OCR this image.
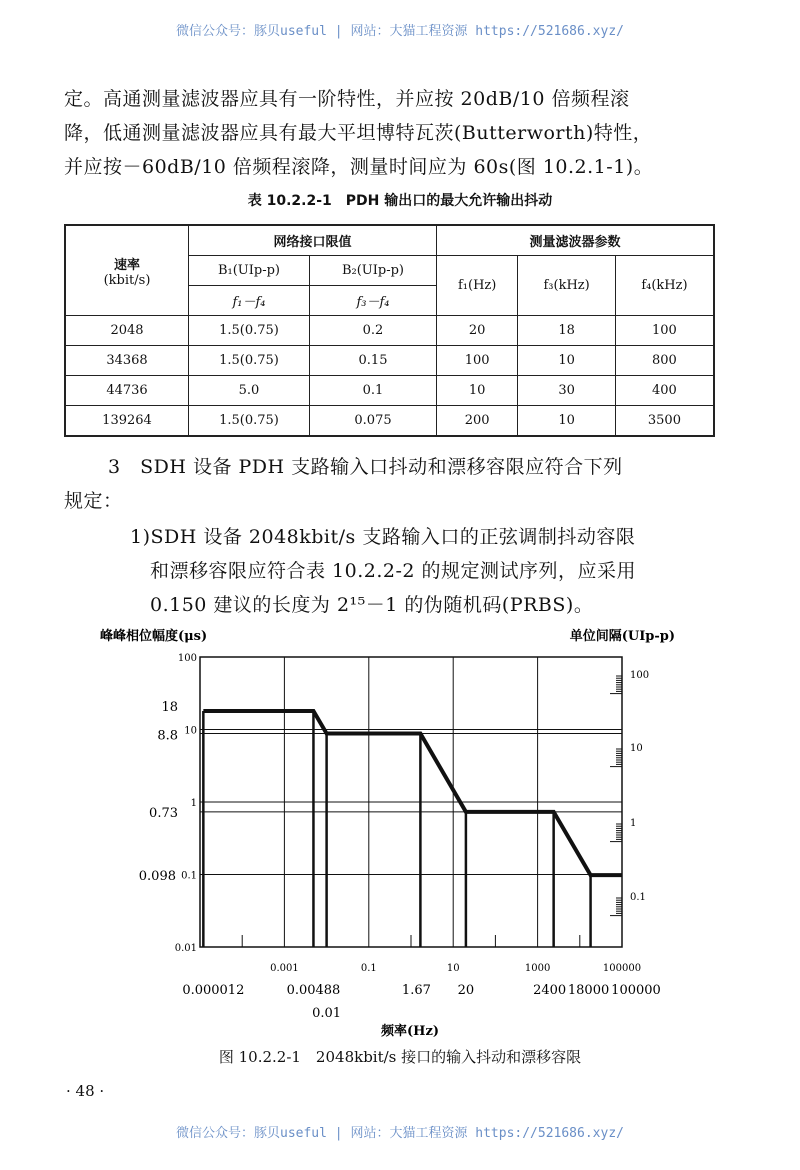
微信公众号：豚贝useful | 网站：大猫工程资源 https://521686.xyz/
定。高通测量滤波器应具有一阶特性，并应按 20dB/10 倍频程滚
降，低通测量滤波器应具有最大平坦博特瓦茨(Butterworth)特性，
并应按－60dB/10 倍频程滚降，测量时间应为 60s(图 10.2.1-1)。
表 10.2.2-1　PDH 输出口的最大允许输出抖动
速率
(kbit/s)	网络接口限值		测量滤波器参数		
	B₁(UIp-p)	B₂(UIp-p)	f₁(Hz)	f₃(kHz)	f₄(kHz)
	f₁－f₄	f₃－f₄			
2048	1.5(0.75)	0.2	20	18	100
34368	1.5(0.75)	0.15	100	10	800
44736	5.0	0.1	10	30	400
139264	1.5(0.75)	0.075	200	10	3500
3　SDH 设备 PDH 支路输入口抖动和漂移容限应符合下列
规定：
1)SDH 设备 2048kbit/s 支路输入口的正弦调制抖动容限
和漂移容限应符合表 10.2.2-2 的规定测试序列，应采用
0.150 建议的长度为 2¹⁵－1 的伪随机码(PRBS)。
100
10
1
0.1
0.01
18
8.8
0.73
0.098
0.001	0.1	10	1000	100000
0.000012	0.00488
0.01
1.67 20	2400 18000 100000
100
10
1
0.1
峰峰相位幅度(μs)	单位间隔(UIp-p)
频率(Hz)
图 10.2.2-1　2048kbit/s 接口的输入抖动和漂移容限
· 48 ·
微信公众号：豚贝useful | 网站：大猫工程资源 https://521686.xyz/
